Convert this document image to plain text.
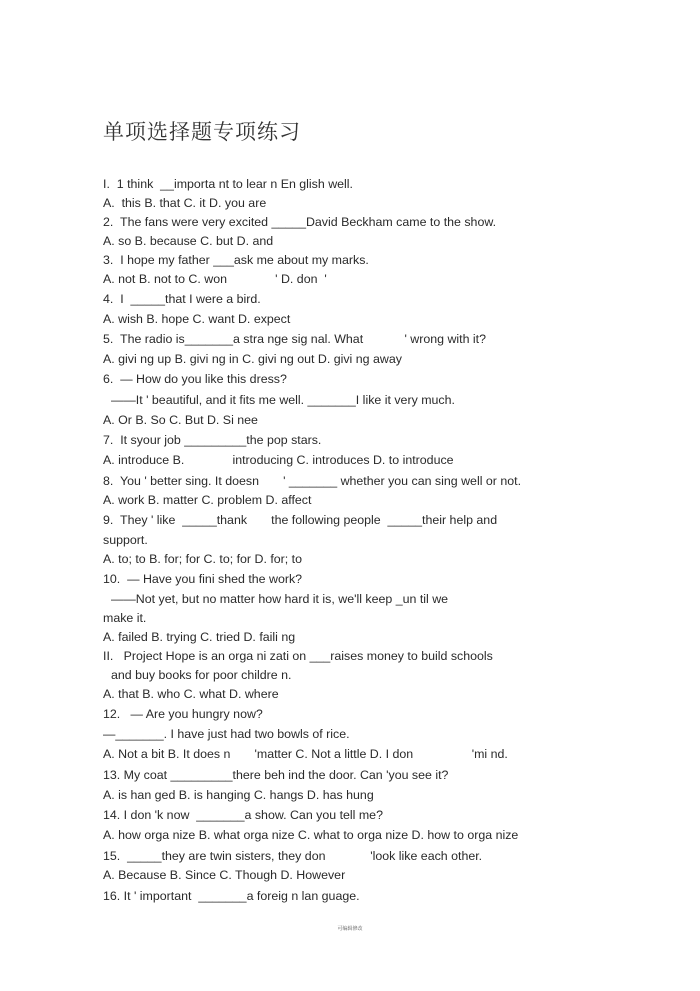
单项选择题专项练习
I.  1 think  __importa nt to lear n En glish well.
A.  this B. that C. it D. you are
2.  The fans were very excited _____David Beckham came to the show.
A. so B. because C. but D. and
3.  I hope my father ___ask me about my marks.
A. not B. not to C. won              ' D. don  '
4.  I  _____that I were a bird.
A. wish B. hope C. want D. expect
5.  The radio is_______a stra nge sig nal. What            ' wrong with it?
A. givi ng up B. givi ng in C. givi ng out D. givi ng away
6.  — How do you like this dress?
——It ' beautiful, and it fits me well. _______I like it very much.
A. Or B. So C. But D. Si nee
7.  It syour job _________the pop stars.
A. introduce B.              introducing C. introduces D. to introduce
8.  You ' better sing. It doesn       ' _______ whether you can sing well or not.
A. work B. matter C. problem D. affect
9.  They ' like  _____thank       the following people  _____their help and
support.
A. to; to B. for; for C. to; for D. for; to
10.  — Have you fini shed the work?
——Not yet, but no matter how hard it is, we'll keep _un til we
make it.
A. failed B. trying C. tried D. faili ng
II.   Project Hope is an orga ni zati on ___raises money to build schools
and buy books for poor childre n.
A. that B. who C. what D. where
12.   — Are you hungry now?
—_______. I have just had two bowls of rice.
A. Not a bit B. It does n       'matter C. Not a little D. I don                 'mi nd.
13. My coat _________there beh ind the door. Can 'you see it?
A. is han ged B. is hanging C. hangs D. has hung
14. I don 'k now  _______a show. Can you tell me?
A. how orga nize B. what orga nize C. what to orga nize D. how to orga nize
15.  _____they are twin sisters, they don             'look like each other.
A. Because B. Since C. Though D. However
16. It ' important  _______a foreig n lan guage.
可编辑修改
